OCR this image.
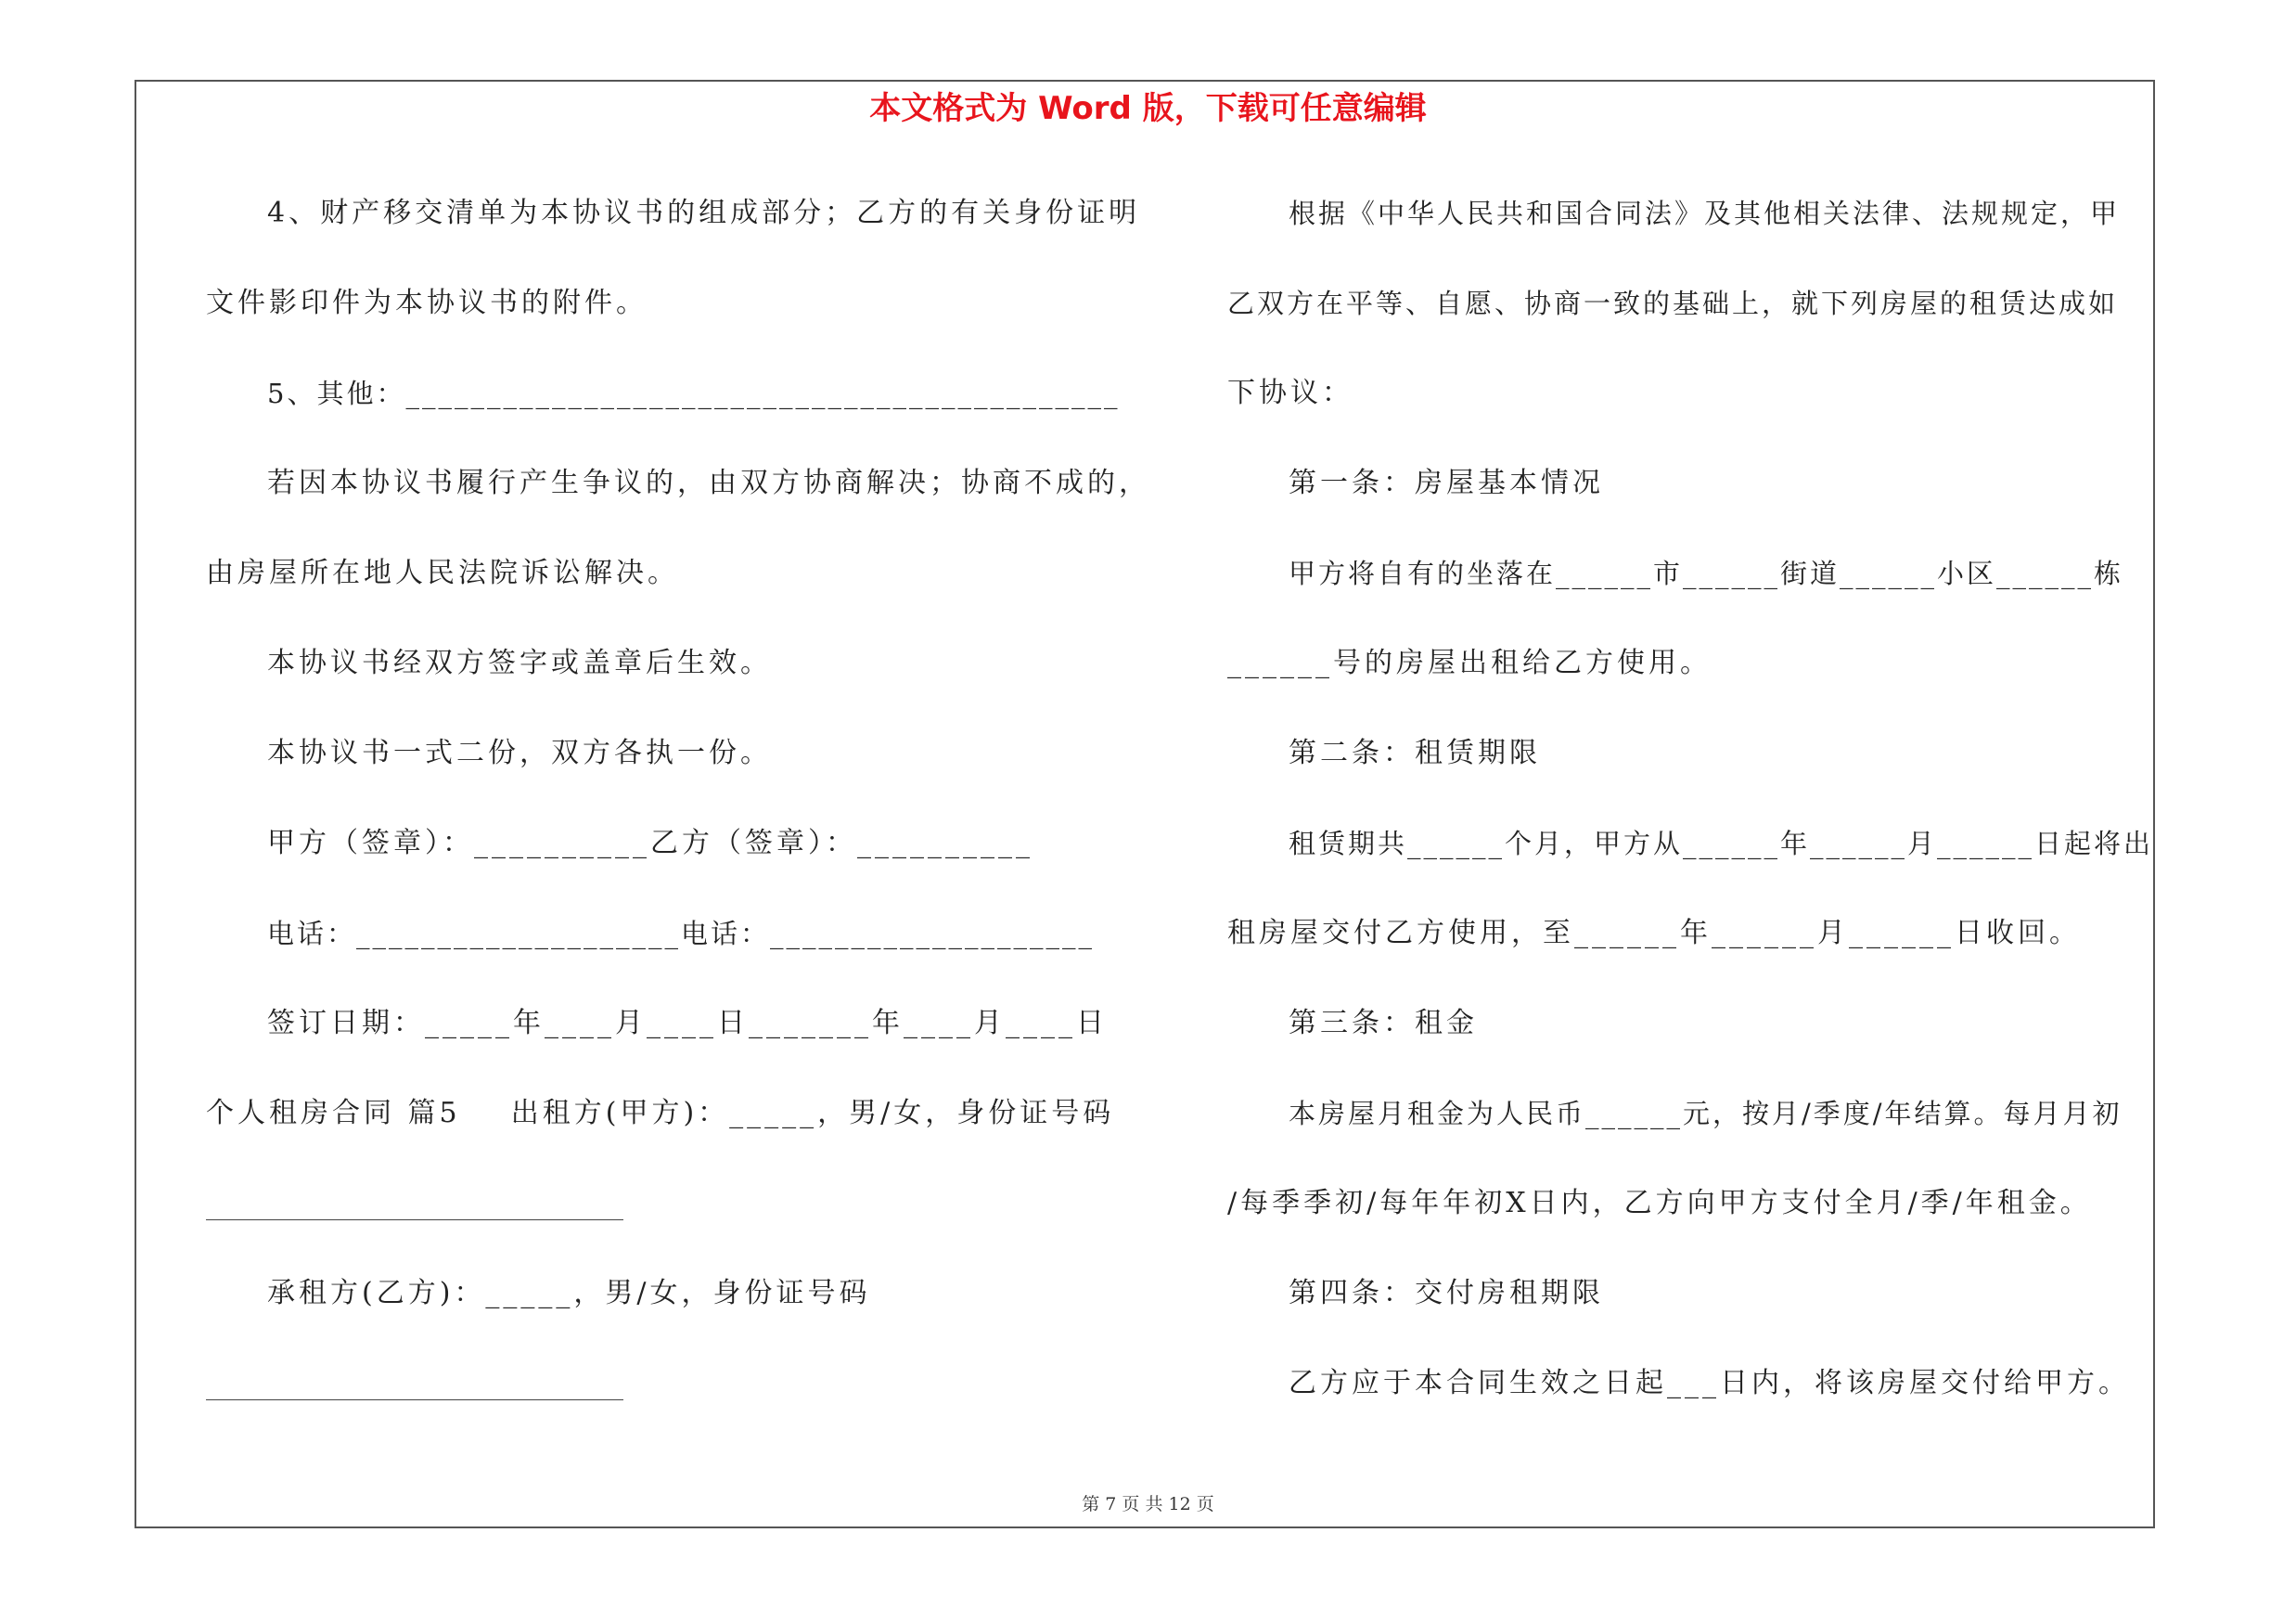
本文格式为 Word 版，下载可任意编辑
4、财产移交清单为本协议书的组成部分；乙方的有关身份证明
文件影印件为本协议书的附件。
5、其他：____________________________________________
若因本协议书履行产生争议的，由双方协商解决；协商不成的，
由房屋所在地人民法院诉讼解决。
本协议书经双方签字或盖章后生效。
本协议书一式二份，双方各执一份。
甲方（签章）：__________乙方（签章）：__________
电话：____________________电话：____________________
签订日期：_____年____月____日_______年____月____日
个人租房合同 篇5    出租方(甲方)：_____，男/女，身份证号码
承租方(乙方)：_____，男/女，身份证号码
根据《中华人民共和国合同法》及其他相关法律、法规规定，甲
乙双方在平等、自愿、协商一致的基础上，就下列房屋的租赁达成如
下协议：
第一条：房屋基本情况
甲方将自有的坐落在______市______街道______小区______栋
______号的房屋出租给乙方使用。
第二条：租赁期限
租赁期共______个月，甲方从______年______月______日起将出
租房屋交付乙方使用，至______年______月______日收回。
第三条：租金
本房屋月租金为人民币______元，按月/季度/年结算。每月月初
/每季季初/每年年初X日内，乙方向甲方支付全月/季/年租金。
第四条：交付房租期限
乙方应于本合同生效之日起___日内，将该房屋交付给甲方。
第 7 页 共 12 页
